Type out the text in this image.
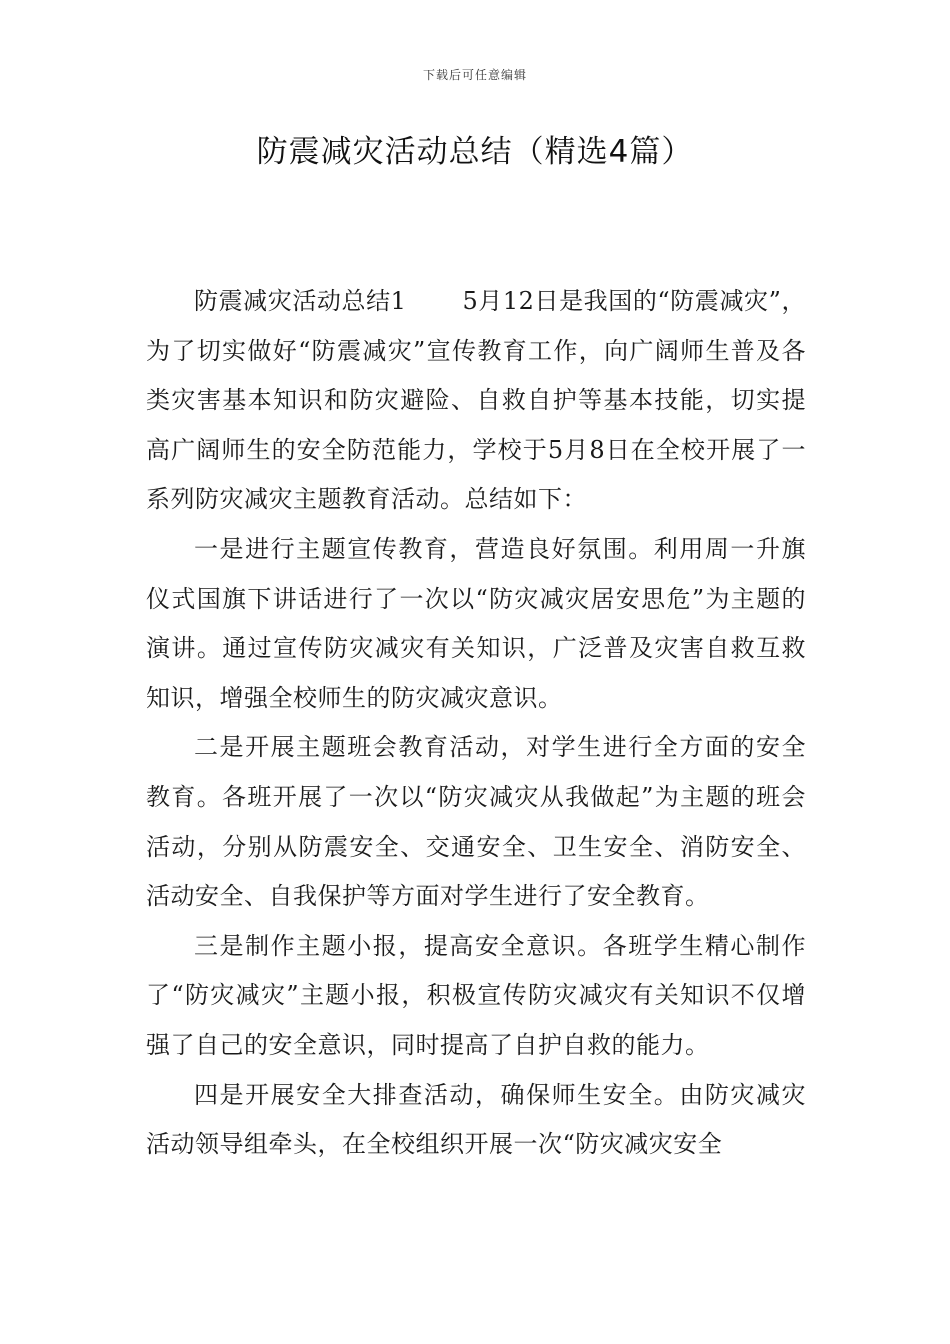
下载后可任意编辑
防震减灾活动总结（精选4篇）

防震减灾活动总结1 5月12日是我国的“防震减灾”，为了切实做好“防震减灾”宣传教育工作，向广阔师生普及各类灾害基本知识和防灾避险、自救自护等基本技能，切实提高广阔师生的安全防范能力，学校于5月8日在全校开展了一系列防灾减灾主题教育活动。总结如下：

一是进行主题宣传教育，营造良好氛围。利用周一升旗仪式国旗下讲话进行了一次以“防灾减灾居安思危”为主题的演讲。通过宣传防灾减灾有关知识，广泛普及灾害自救互救知识，增强全校师生的防灾减灾意识。

二是开展主题班会教育活动，对学生进行全方面的安全教育。各班开展了一次以“防灾减灾从我做起”为主题的班会活动，分别从防震安全、交通安全、卫生安全、消防安全、活动安全、自我保护等方面对学生进行了安全教育。

三是制作主题小报，提高安全意识。各班学生精心制作了“防灾减灾”主题小报，积极宣传防灾减灾有关知识不仅增强了自己的安全意识，同时提高了自护自救的能力。

四是开展安全大排查活动，确保师生安全。由防灾减灾活动领导组牵头，在全校组织开展一次“防灾减灾安全
